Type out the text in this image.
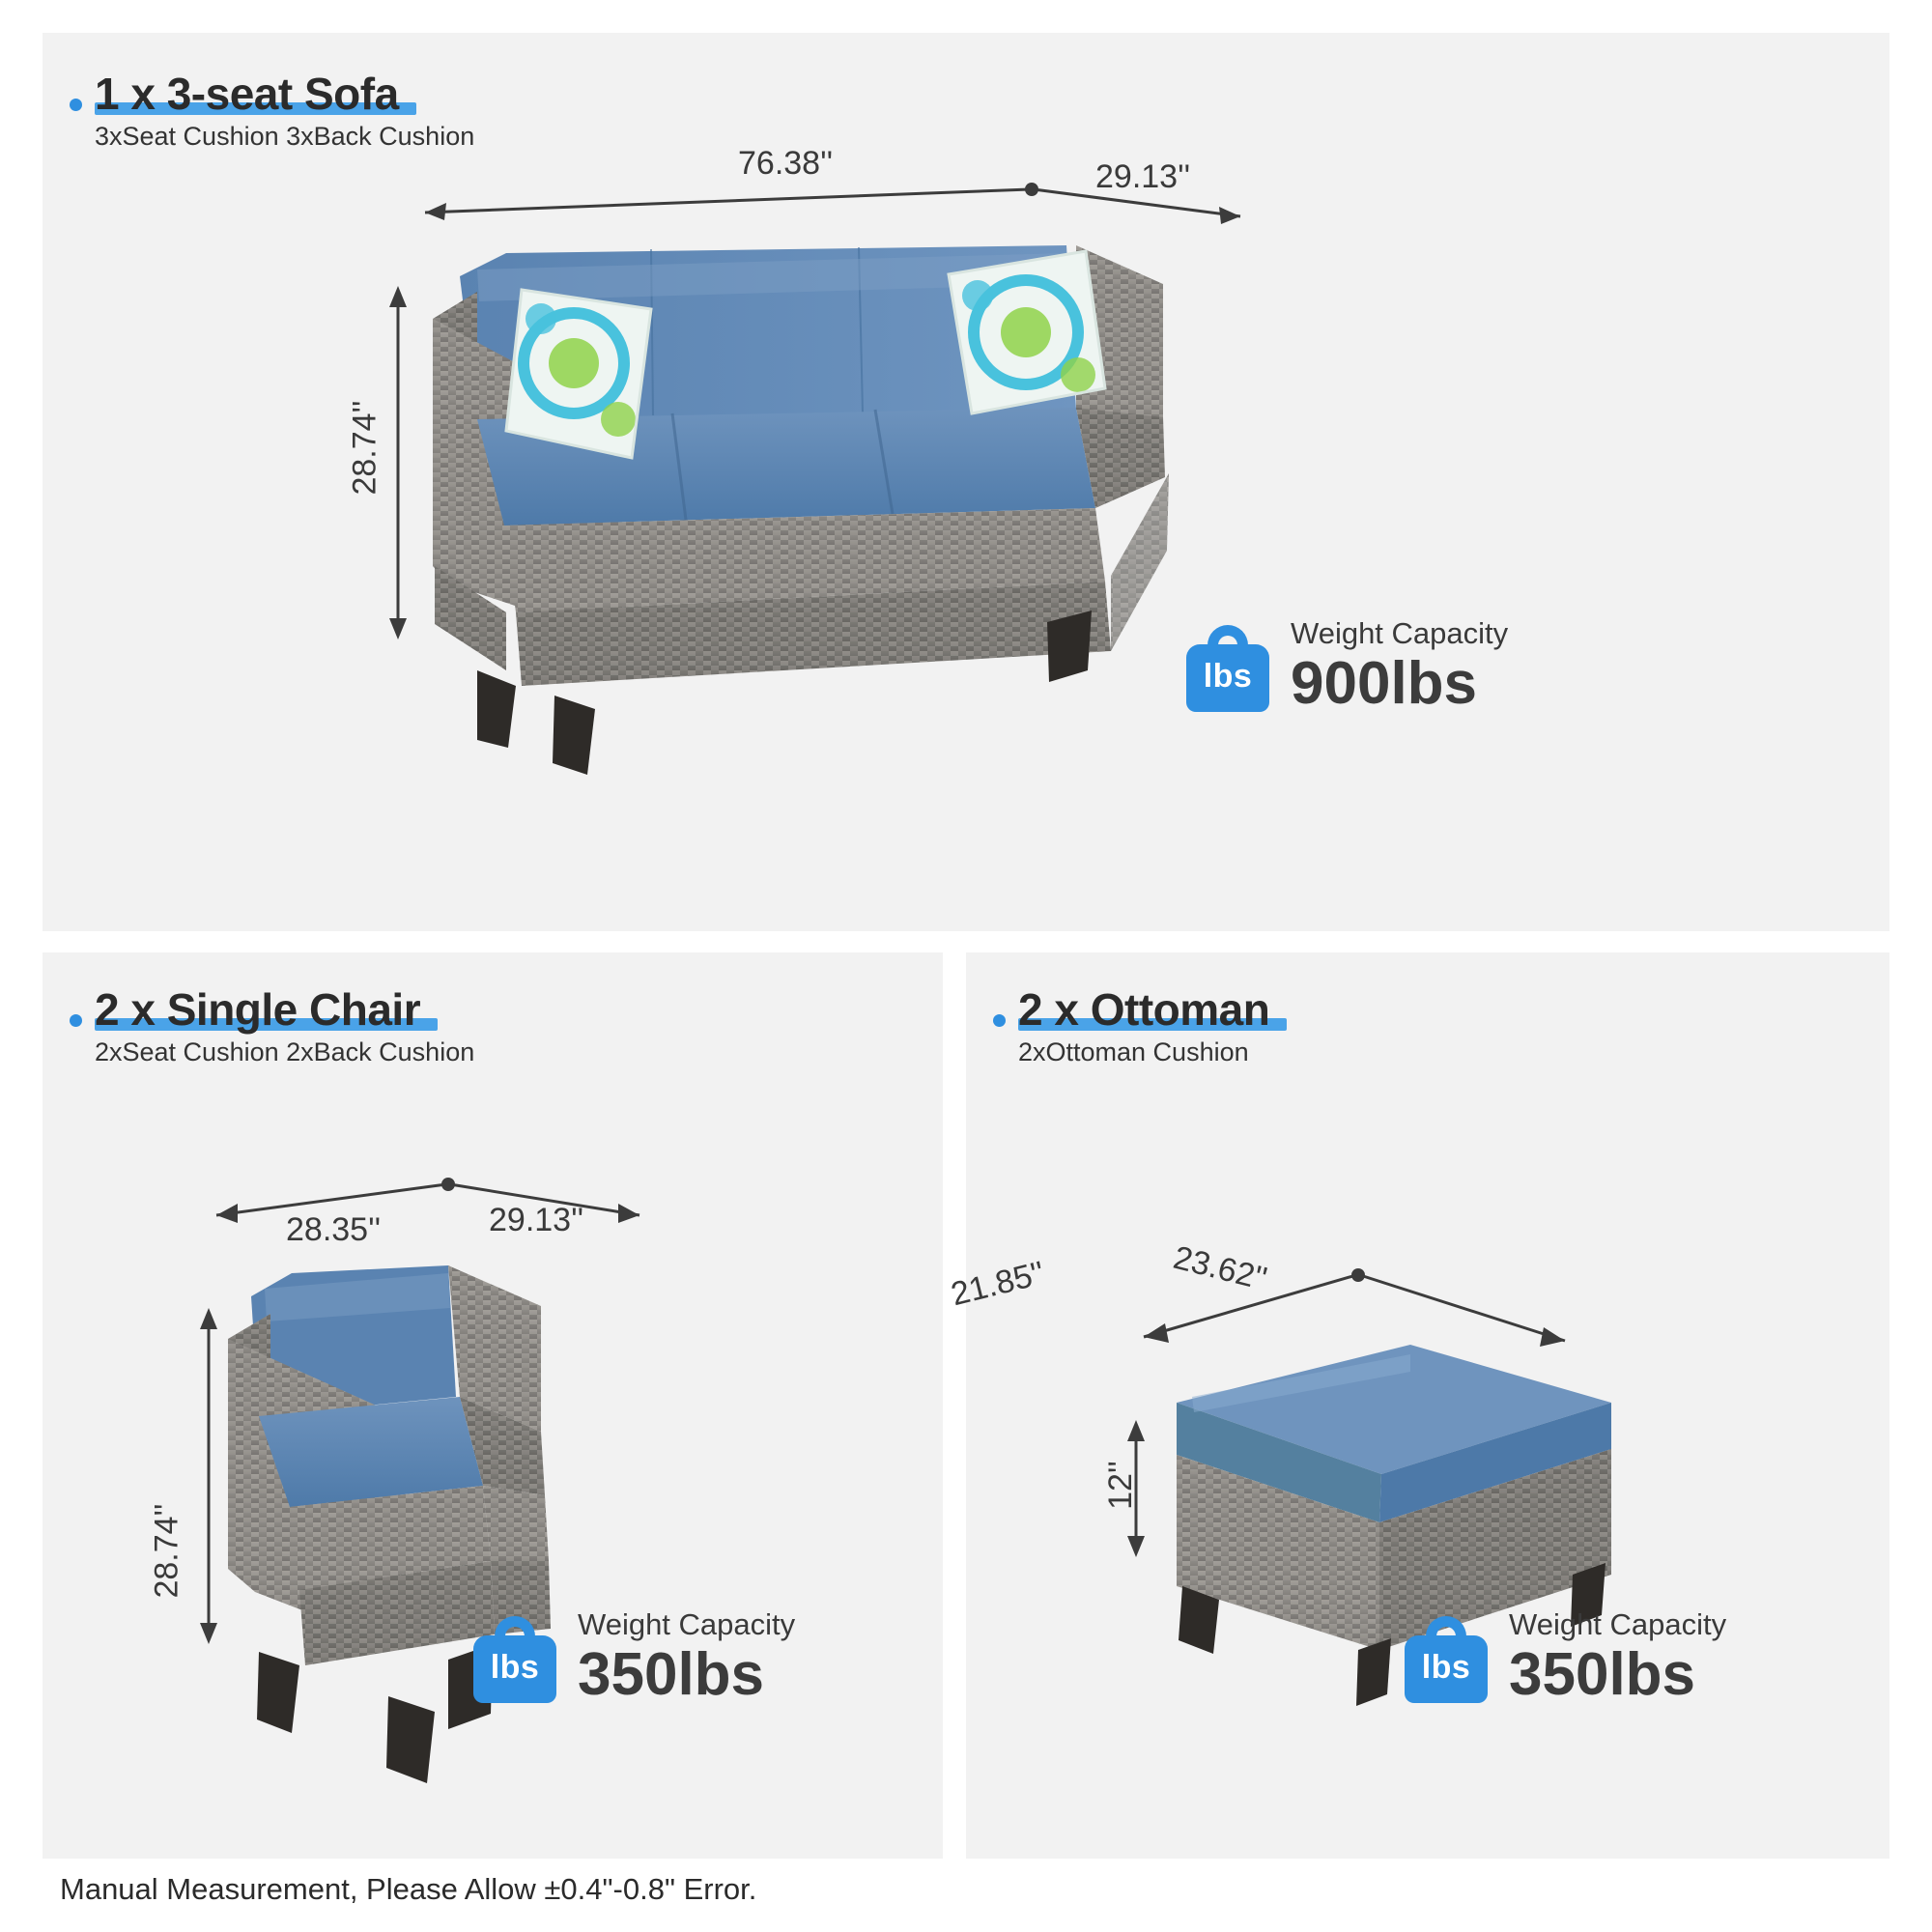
1 x 3-seat Sofa
3xSeat Cushion 3xBack Cushion
76.38''	29.13''
28.74''
lbs
Weight Capacity
900lbs
2 x Single Chair
2xSeat Cushion 2xBack Cushion
28.35''	29.13''
28.74''
lbs
Weight Capacity
350lbs
2 x Ottoman
2xOttoman Cushion
21.85''	23.62''
12''
lbs
Weight Capacity
350lbs
Manual Measurement, Please Allow ±0.4"-0.8" Error.
